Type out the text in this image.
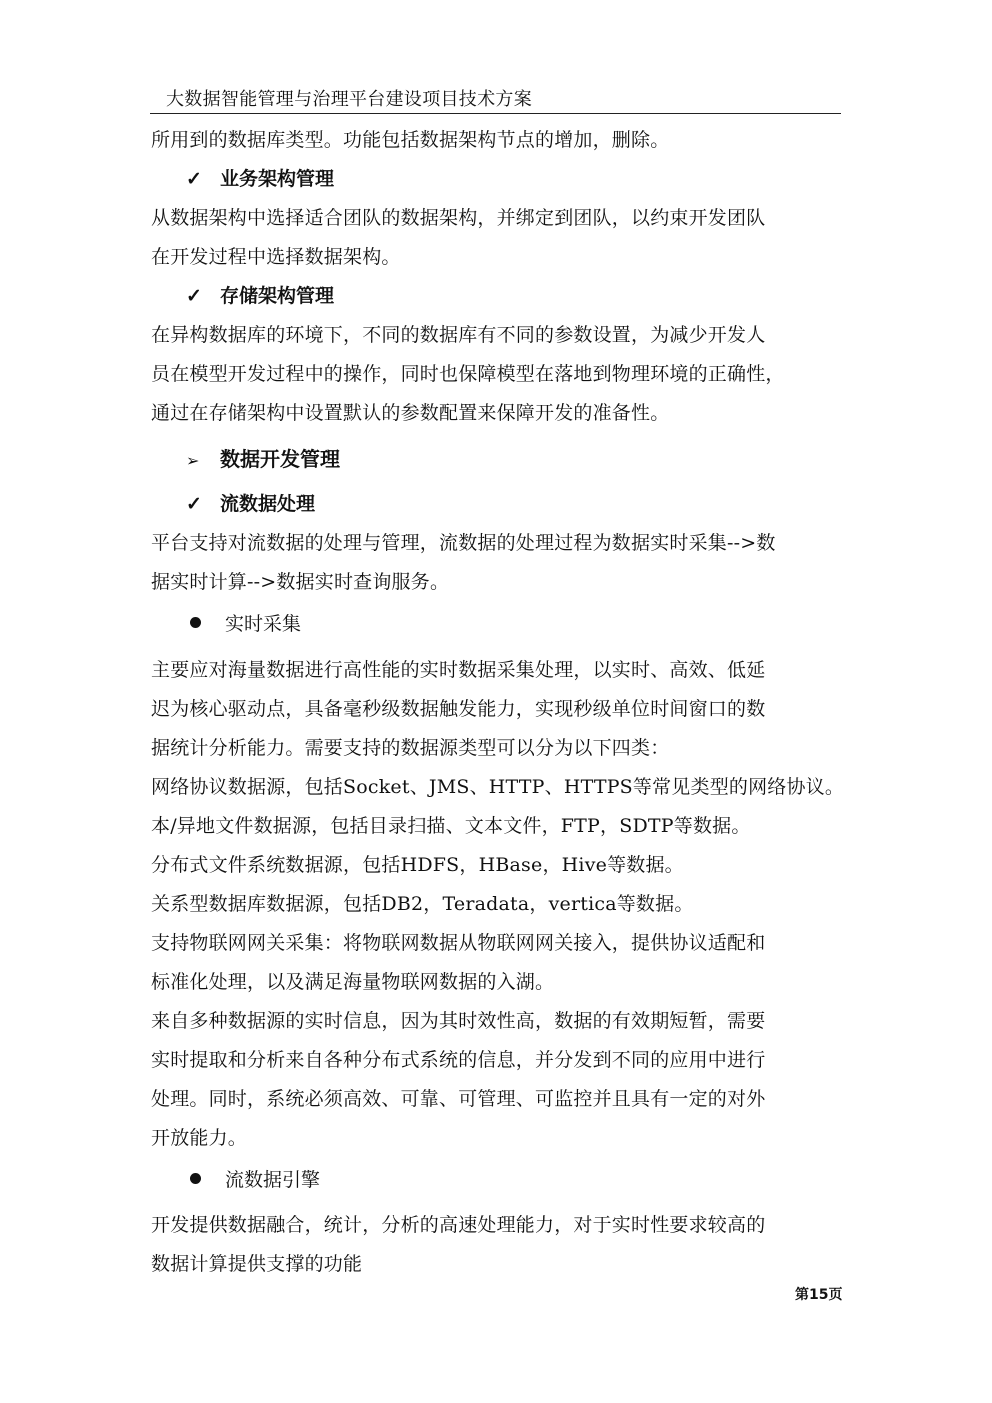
大数据智能管理与治理平台建设项目技术方案
所用到的数据库类型。功能包括数据架构节点的增加，删除。
✓ 业务架构管理
从数据架构中选择适合团队的数据架构，并绑定到团队，以约束开发团队
在开发过程中选择数据架构。
✓ 存储架构管理
在异构数据库的环境下，不同的数据库有不同的参数设置，为减少开发人
员在模型开发过程中的操作，同时也保障模型在落地到物理环境的正确性，
通过在存储架构中设置默认的参数配置来保障开发的准备性。
➢ 数据开发管理
✓ 流数据处理
平台支持对流数据的处理与管理，流数据的处理过程为数据实时采集-->数
据实时计算-->数据实时查询服务。
实时采集
主要应对海量数据进行高性能的实时数据采集处理，以实时、高效、低延
迟为核心驱动点，具备毫秒级数据触发能力，实现秒级单位时间窗口的数
据统计分析能力。需要支持的数据源类型可以分为以下四类：
网络协议数据源，包括Socket、JMS、HTTP、HTTPS等常见类型的网络协议。
本/异地文件数据源，包括目录扫描、文本文件，FTP，SDTP等数据。
分布式文件系统数据源，包括HDFS，HBase，Hive等数据。
关系型数据库数据源，包括DB2，Teradata，vertica等数据。
支持物联网网关采集：将物联网数据从物联网网关接入，提供协议适配和
标准化处理，以及满足海量物联网数据的入湖。
来自多种数据源的实时信息，因为其时效性高，数据的有效期短暂，需要
实时提取和分析来自各种分布式系统的信息，并分发到不同的应用中进行
处理。同时，系统必须高效、可靠、可管理、可监控并且具有一定的对外
开放能力。
流数据引擎
开发提供数据融合，统计，分析的高速处理能力，对于实时性要求较高的
数据计算提供支撑的功能
第15页
